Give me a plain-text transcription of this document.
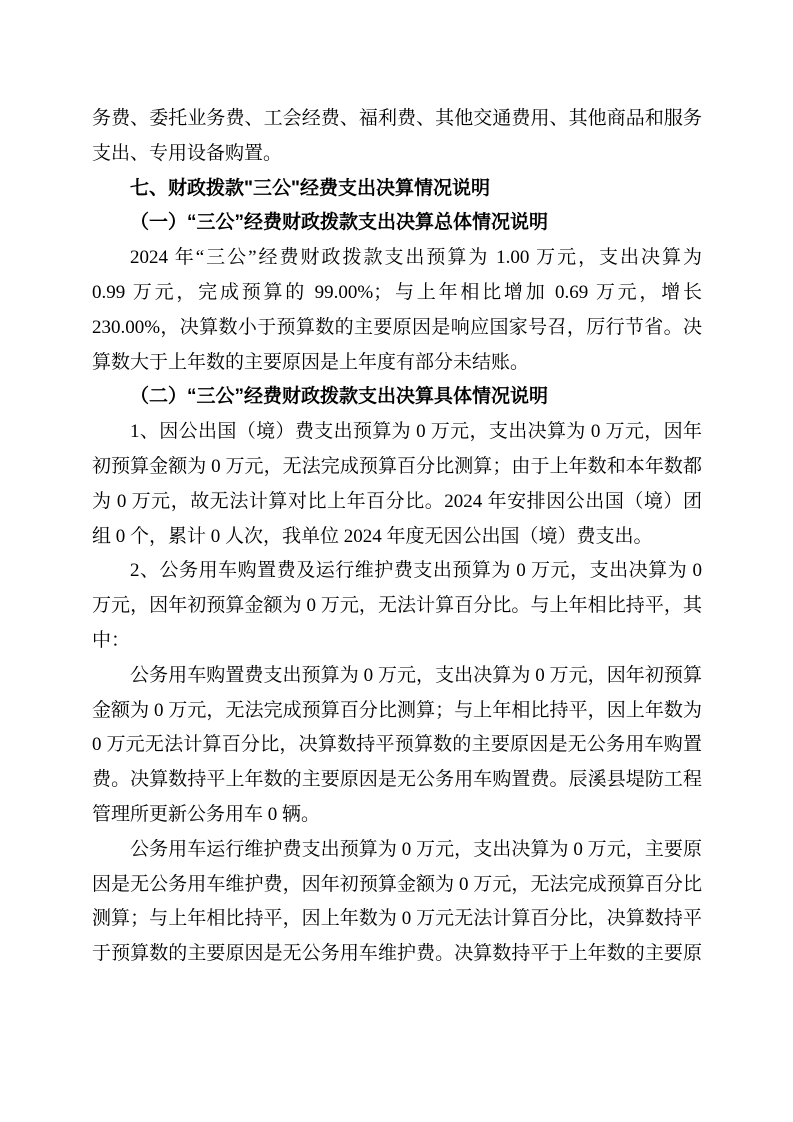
务费、委托业务费、工会经费、福利费、其他交通费用、其他商品和服务
支出、专用设备购置。
七、财政拨款"三公"经费支出决算情况说明
（一）“三公”经费财政拨款支出决算总体情况说明
2024 年“三公”经费财政拨款支出预算为 1.00 万元，支出决算为
0.99 万元，完成预算的 99.00%；与上年相比增加 0.69 万元，增长
230.00%，决算数小于预算数的主要原因是响应国家号召，厉行节省。决
算数大于上年数的主要原因是上年度有部分未结账。
（二）“三公”经费财政拨款支出决算具体情况说明
1、因公出国（境）费支出预算为 0 万元，支出决算为 0 万元，因年
初预算金额为 0 万元，无法完成预算百分比测算；由于上年数和本年数都
为 0 万元，故无法计算对比上年百分比。2024 年安排因公出国（境）团
组 0 个，累计 0 人次，我单位 2024 年度无因公出国（境）费支出。
2、公务用车购置费及运行维护费支出预算为 0 万元，支出决算为 0
万元，因年初预算金额为 0 万元，无法计算百分比。与上年相比持平，其
中：
公务用车购置费支出预算为 0 万元，支出决算为 0 万元，因年初预算
金额为 0 万元，无法完成预算百分比测算；与上年相比持平，因上年数为
0 万元无法计算百分比，决算数持平预算数的主要原因是无公务用车购置
费。决算数持平上年数的主要原因是无公务用车购置费。辰溪县堤防工程
管理所更新公务用车 0 辆。
公务用车运行维护费支出预算为 0 万元，支出决算为 0 万元，主要原
因是无公务用车维护费，因年初预算金额为 0 万元，无法完成预算百分比
测算；与上年相比持平，因上年数为 0 万元无法计算百分比，决算数持平
于预算数的主要原因是无公务用车维护费。决算数持平于上年数的主要原
